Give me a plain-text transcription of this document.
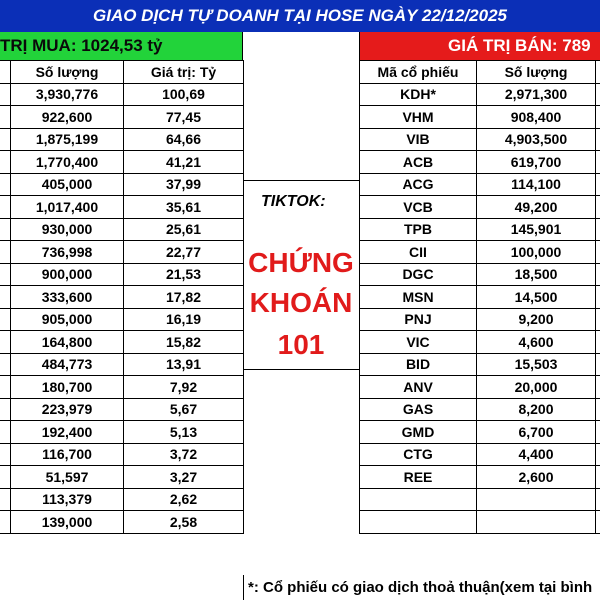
GIAO DỊCH TỰ DOANH TẠI HOSE NGÀY 22/12/2025
TRỊ MUA: 1024,53 tỷ	GIÁ TRỊ BÁN: 789
	Số lượng	Giá trị: Tỷ
	3,930,776	100,69
	922,600	77,45
	1,875,199	64,66
	1,770,400	41,21
	405,000	37,99
	1,017,400	35,61
	930,000	25,61
	736,998	22,77
	900,000	21,53
	333,600	17,82
	905,000	16,19
	164,800	15,82
	484,773	13,91
	180,700	7,92
	223,979	5,67
	192,400	5,13
	116,700	3,72
	51,597	3,27
	113,379	2,62
	139,000	2,58
TIKTOK:
CHỨNG
KHOÁN
101
Mã cổ phiếu	Số lượng	
KDH*	2,971,300	
VHM	908,400	
VIB	4,903,500	
ACB	619,700	
ACG	114,100	
VCB	49,200	
TPB	145,901	
CII	100,000	
DGC	18,500	
MSN	14,500	
PNJ	9,200	
VIC	4,600	
BID	15,503	
ANV	20,000	
GAS	8,200	
GMD	6,700	
CTG	4,400	
REE	2,600	

*: Cổ phiếu có giao dịch thoả thuận(xem tại bình
